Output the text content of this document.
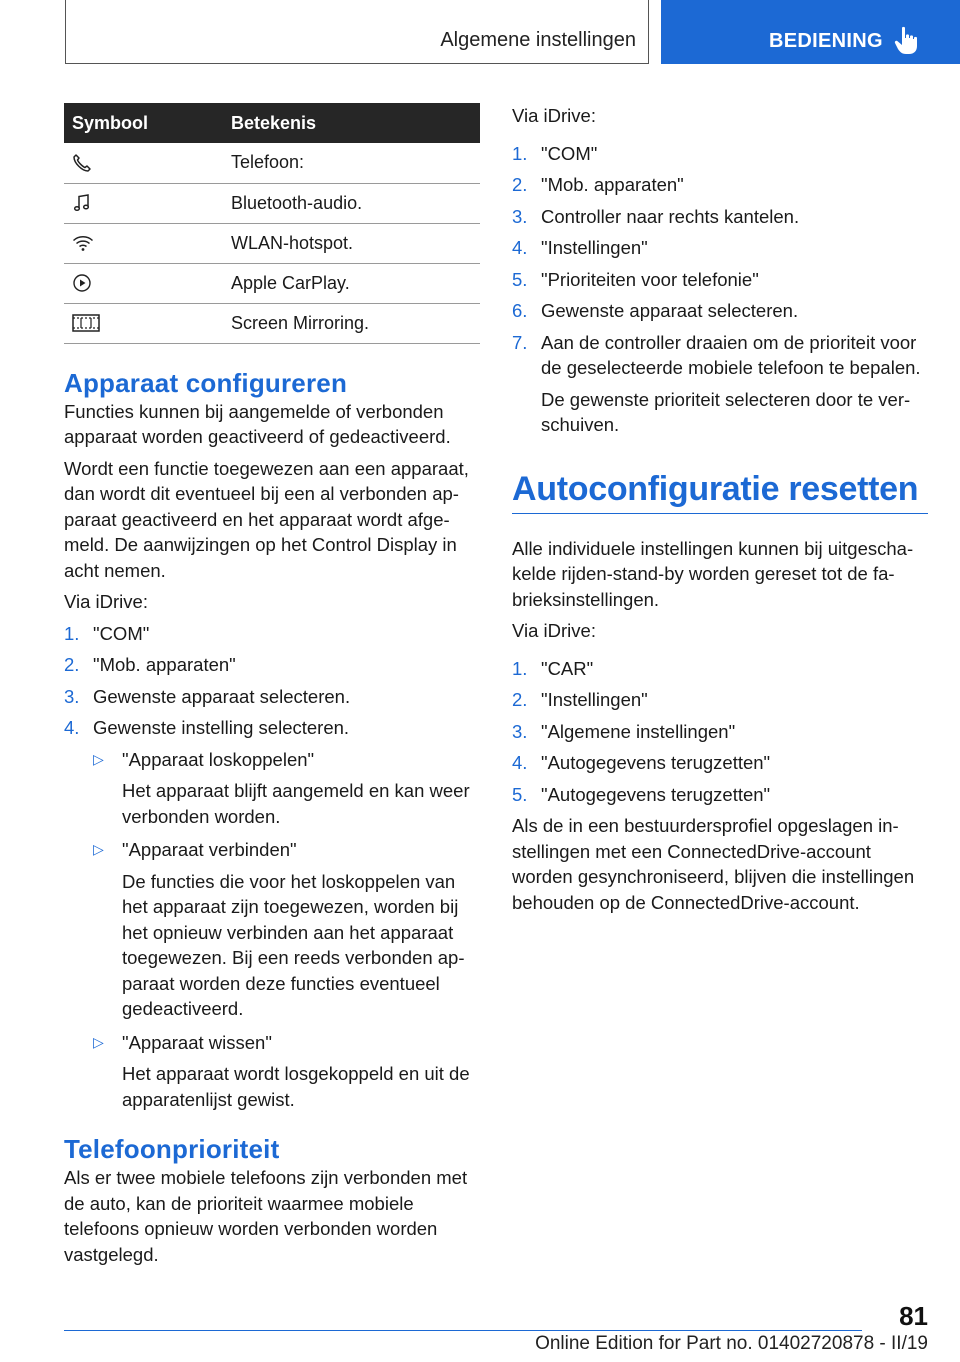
Algemene instellingen	BEDIENING
Symbool	Betekenis

	Telefoon:

	Bluetooth-audio.

	WLAN-hotspot.

	Apple CarPlay.

	Screen Mirroring.
Apparaat configureren

Functies kunnen bij aangemelde of verbonden apparaat worden geactiveerd of gedeactiveerd.

Wordt een functie toegewezen aan een apparaat, dan wordt dit eventueel bij een al verbonden apparaat geactiveerd en het apparaat wordt afgemeld. De aanwijzingen op het Control Display in acht nemen.

Via iDrive:

1. "COM"
2. "Mob. apparaten"
3. Gewenste apparaat selecteren.
4. Gewenste instelling selecteren.
▷ "Apparaat loskoppelen"
Het apparaat blijft aangemeld en kan weer verbonden worden.
▷ "Apparaat verbinden"
De functies die voor het loskoppelen van het apparaat zijn toegewezen, worden bij het opnieuw verbinden aan het apparaat toegewezen. Bij een reeds verbonden apparaat worden deze functies eventueel gedeactiveerd.
▷ "Apparaat wissen"
Het apparaat wordt losgekoppeld en uit de apparatenlijst gewist.
Telefoonprioriteit

Als er twee mobiele telefoons zijn verbonden met de auto, kan de prioriteit waarmee mobiele telefoons opnieuw worden verbonden worden vastgelegd.

Via iDrive:

1. "COM"
2. "Mob. apparaten"
3. Controller naar rechts kantelen.
4. "Instellingen"
5. "Prioriteiten voor telefonie"
6. Gewenste apparaat selecteren.
7. Aan de controller draaien om de prioriteit voor de geselecteerde mobiele telefoon te bepalen.
De gewenste prioriteit selecteren door te verschuiven.
Autoconfiguratie resetten

Alle individuele instellingen kunnen bij uitgeschakelde rijden-stand-by worden gereset tot de fabrieksinstellingen.

Via iDrive:

1. "CAR"
2. "Instellingen"
3. "Algemene instellingen"
4. "Autogegevens terugzetten"
5. "Autogegevens terugzetten"

Als de in een bestuurdersprofiel opgeslagen instellingen met een ConnectedDrive-account worden gesynchroniseerd, blijven die instellingen behouden op de ConnectedDrive-account.

81
Online Edition for Part no. 01402720878 - II/19
